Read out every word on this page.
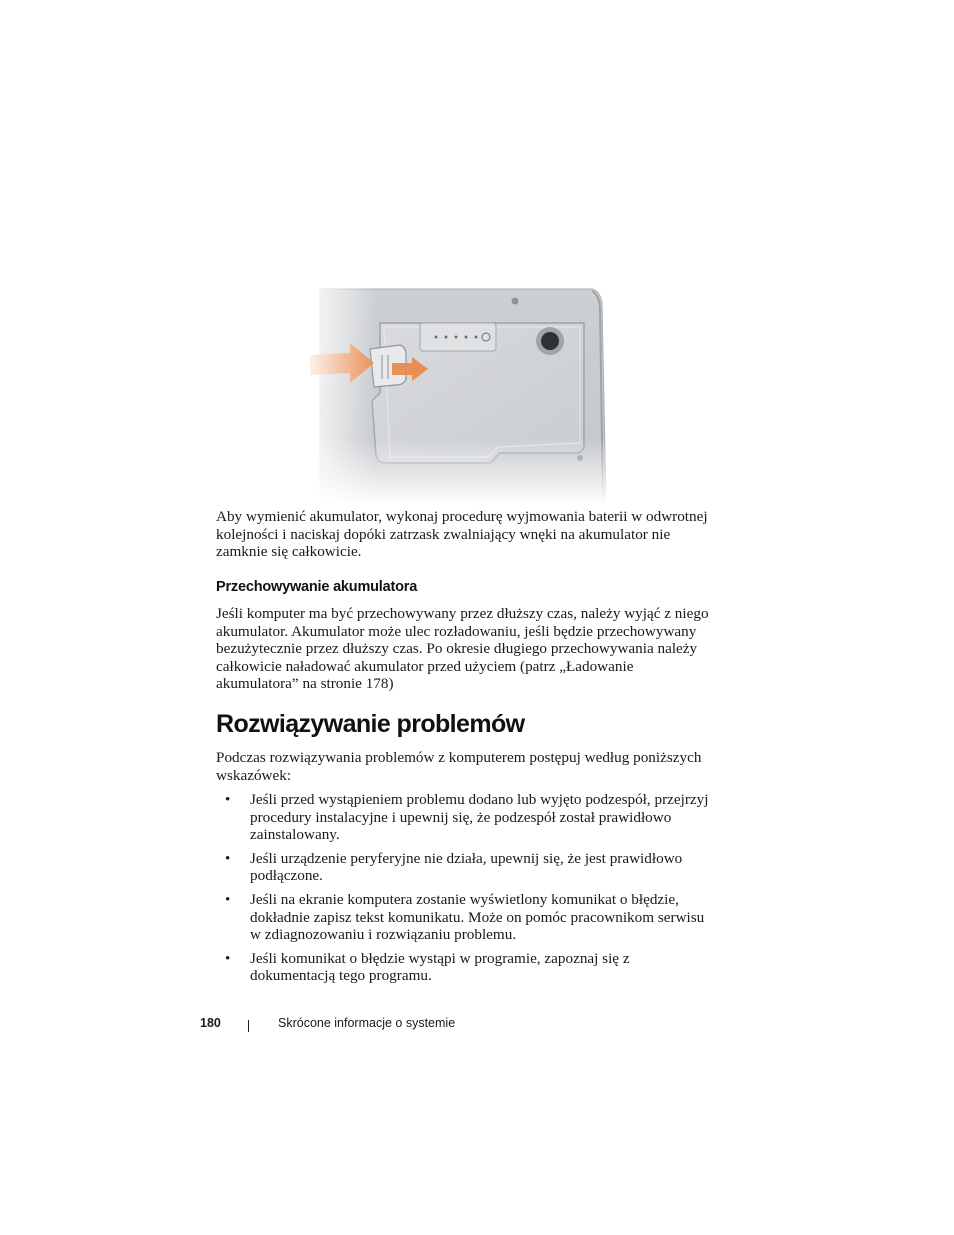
Aby wymienić akumulator, wykonaj procedurę wyjmowania baterii w odwrotnej kolejności i naciskaj dopóki zatrzask zwalniający wnęki na akumulator nie zamknie się całkowicie.
Przechowywanie akumulatora
Jeśli komputer ma być przechowywany przez dłuższy czas, należy wyjąć z niego akumulator. Akumulator może ulec rozładowaniu, jeśli będzie przechowywany bezużytecznie przez dłuższy czas. Po okresie długiego przechowywania należy całkowicie naładować akumulator przed użyciem (patrz „Ładowanie akumulatora” na stronie 178)
Rozwiązywanie problemów
Podczas rozwiązywania problemów z komputerem postępuj według poniższych wskazówek:
• Jeśli przed wystąpieniem problemu dodano lub wyjęto podzespół, przejrzyj procedury instalacyjne i upewnij się, że podzespół został prawidłowo zainstalowany.
• Jeśli urządzenie peryferyjne nie działa, upewnij się, że jest prawidłowo podłączone.
• Jeśli na ekranie komputera zostanie wyświetlony komunikat o błędzie, dokładnie zapisz tekst komunikatu. Może on pomóc pracownikom serwisu w zdiagnozowaniu i rozwiązaniu problemu.
• Jeśli komunikat o błędzie wystąpi w programie, zapoznaj się z dokumentacją tego programu.
180	Skrócone informacje o systemie
